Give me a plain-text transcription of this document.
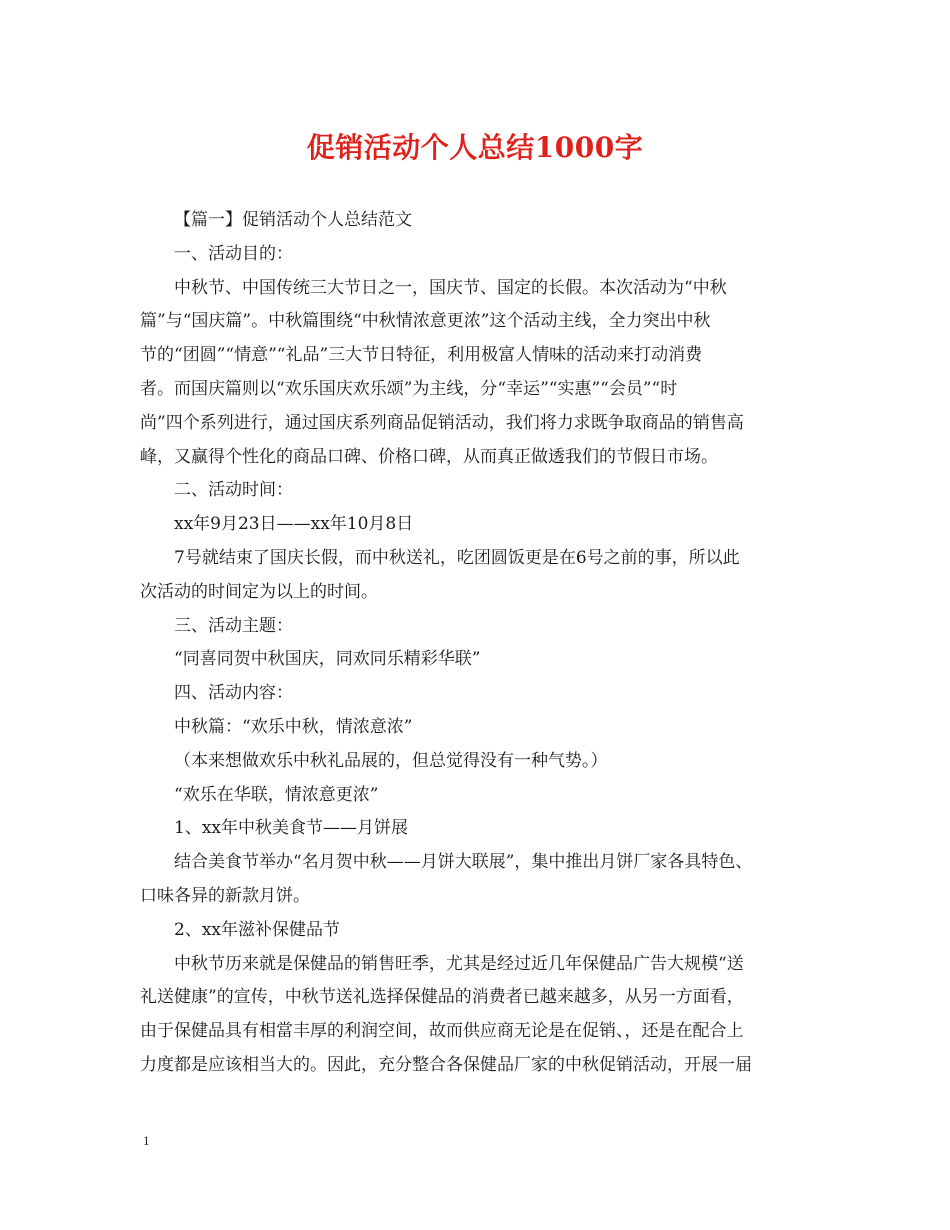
促销活动个人总结1000字
【篇一】促销活动个人总结范文
一、活动目的：
中秋节、中国传统三大节日之一，国庆节、国定的长假。本次活动为“中秋
篇”与“国庆篇”。中秋篇围绕“中秋情浓意更浓”这个活动主线，全力突出中秋
节的“团圆”“情意”“礼品”三大节日特征，利用极富人情味的活动来打动消费
者。而国庆篇则以“欢乐国庆欢乐颂”为主线，分“幸运”“实惠”“会员”“时
尚”四个系列进行，通过国庆系列商品促销活动，我们将力求既争取商品的销售高
峰，又赢得个性化的商品口碑、价格口碑，从而真正做透我们的节假日市场。
二、活动时间：
xx年9月23日——xx年10月8日
7号就结束了国庆长假，而中秋送礼，吃团圆饭更是在6号之前的事，所以此
次活动的时间定为以上的时间。
三、活动主题：
“同喜同贺中秋国庆，同欢同乐精彩华联”
四、活动内容：
中秋篇：“欢乐中秋，情浓意浓”
（本来想做欢乐中秋礼品展的，但总觉得没有一种气势。）
“欢乐在华联，情浓意更浓”
1、xx年中秋美食节——月饼展
结合美食节举办“名月贺中秋——月饼大联展”，集中推出月饼厂家各具特色、
口味各异的新款月饼。
2、xx年滋补保健品节
中秋节历来就是保健品的销售旺季，尤其是经过近几年保健品广告大规模“送
礼送健康”的宣传，中秋节送礼选择保健品的消费者已越来越多，从另一方面看，
由于保健品具有相當丰厚的利润空间，故而供应商无论是在促销、，还是在配合上
力度都是应该相当大的。因此，充分整合各保健品厂家的中秋促销活动，开展一届
1
